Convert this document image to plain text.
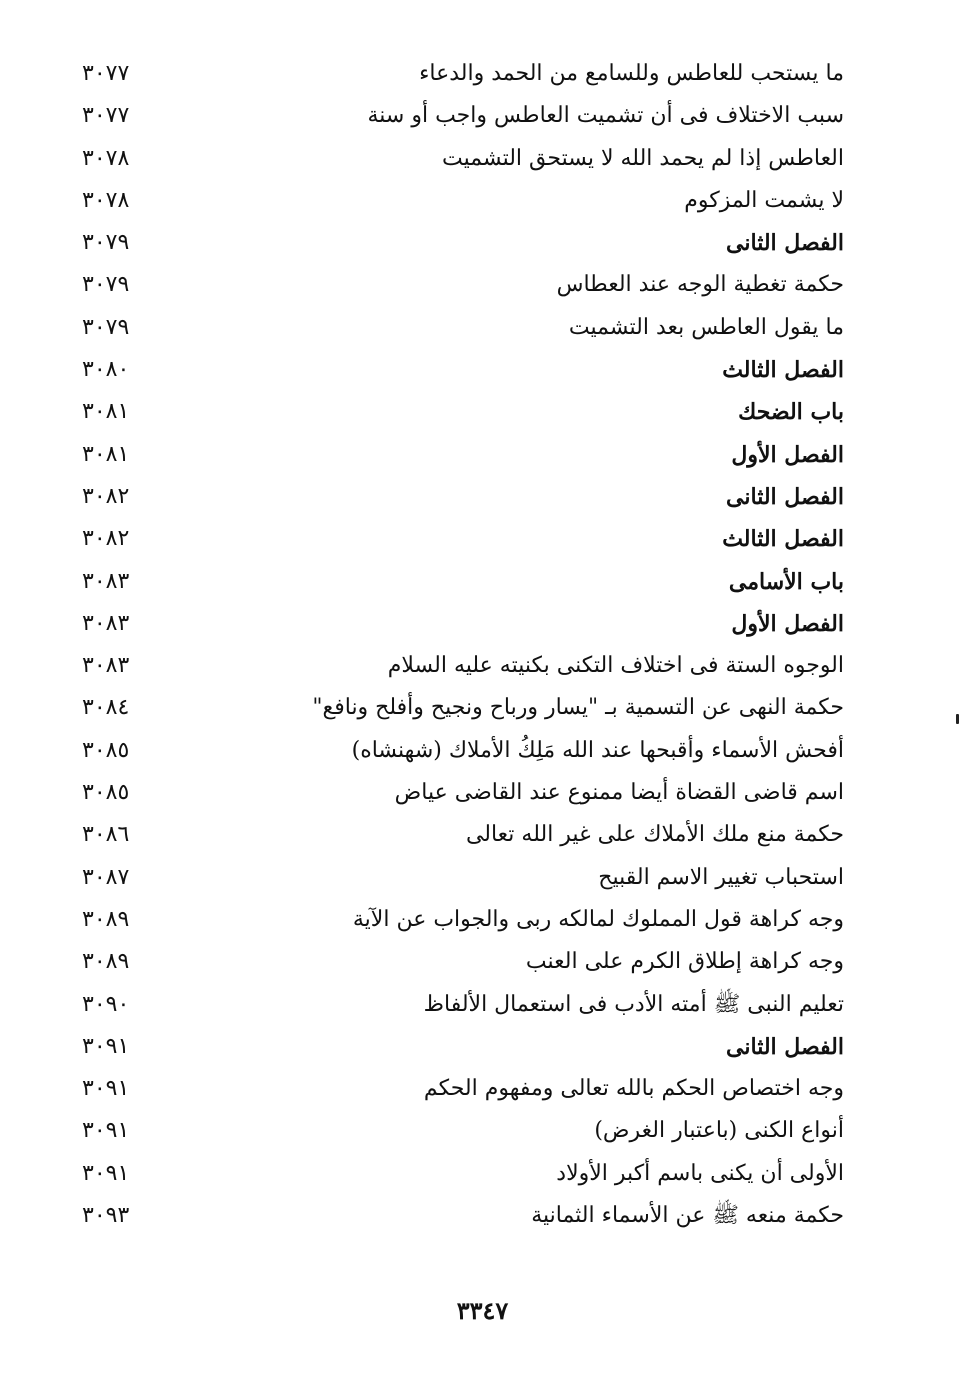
ما يستحب للعاطس وللسامع من الحمد والدعاء
٣٠٧٧
سبب الاختلاف فى أن تشميت العاطس واجب أو سنة
٣٠٧٧
العاطس إذا لم يحمد الله لا يستحق التشميت
٣٠٧٨
لا يشمت المزكوم
٣٠٧٨
الفصل الثانى
٣٠٧٩
حكمة تغطية الوجه عند العطاس
٣٠٧٩
ما يقول العاطس بعد التشميت
٣٠٧٩
الفصل الثالث
٣٠٨٠
باب الضحك
٣٠٨١
الفصل الأول
٣٠٨١
الفصل الثانى
٣٠٨٢
الفصل الثالث
٣٠٨٢
باب الأسامى
٣٠٨٣
الفصل الأول
٣٠٨٣
الوجوه الستة فى اختلاف التكنى بكنيته عليه السلام
٣٠٨٣
حكمة النهى عن التسمية بـ "يسار ورباح ونجيح وأفلح ونافع"
٣٠٨٤
أفحش الأسماء وأقبحها عند الله مَلِكُ الأملاك (شهنشاه)
٣٠٨٥
اسم قاضى القضاة أيضا ممنوع عند القاضى عياض
٣٠٨٥
حكمة منع ملك الأملاك على غير الله تعالى
٣٠٨٦
استحباب تغيير الاسم القبيح
٣٠٨٧
وجه كراهة قول المملوك لمالكه ربى والجواب عن الآية
٣٠٨٩
وجه كراهة إطلاق الكرم على العنب
٣٠٨٩
تعليم النبى ﷺ أمته الأدب فى استعمال الألفاظ
٣٠٩٠
الفصل الثانى
٣٠٩١
وجه اختصاص الحكم بالله تعالى ومفهوم الحكم
٣٠٩١
أنواع الكنى (باعتبار الغرض)
٣٠٩١
الأولى أن يكنى باسم أكبر الأولاد
٣٠٩١
حكمة منعه ﷺ عن الأسماء الثمانية
٣٠٩٣
٣٣٤٧
